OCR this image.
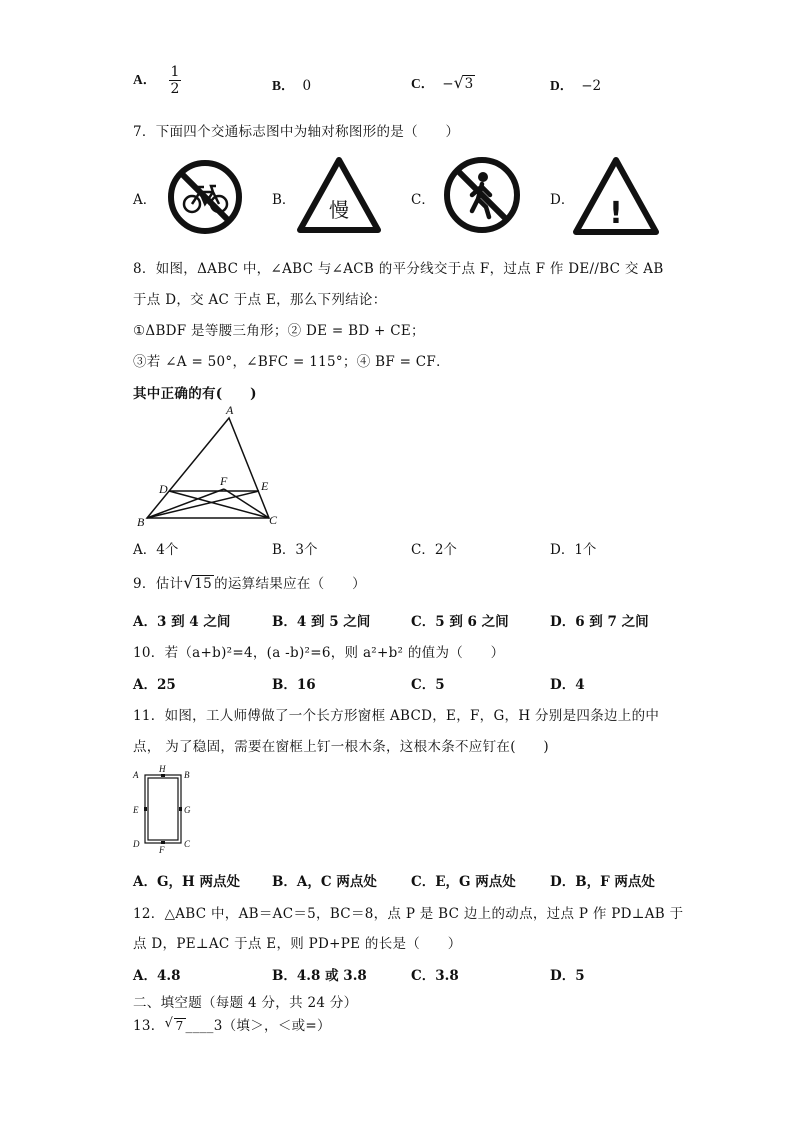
A． $\frac{1}{2}$	B． 0	C． − √ 3	D． −2
7．下面四个交通标志图中为轴对称图形的是（　　）
A．	B．	C．	D．
慢	!
8．如图，ΔABC 中，∠ABC 与∠ACB 的平分线交于点 F，过点 F 作 DE//BC 交 AB
于点 D，交 AC 于点 E，那么下列结论：
①ΔBDF 是等腰三角形；② DE = BD + CE；
③若 ∠A = 50°，∠BFC = 115°；④ BF = CF．
其中正确的有(　　)
A
D
F	E
B	C
A．4个	B．3个	C．2个	D．1个
9．估计 √ 15 的运算结果应在（　　）
A．3 到 4 之间	B．4 到 5 之间	C．5 到 6 之间	D．6 到 7 之间
10．若（a+b)²=4，(a -b)²=6，则 a²+b² 的值为（　　）
A．25	B．16	C．5	D．4
11．如图，工人师傅做了一个长方形窗框 ABCD，E，F，G，H 分别是四条边上的中
点， 为了稳固，需要在窗框上钉一根木条，这根木条不应钉在(　　)
A
H
B
E	G
D
F
C
A．G，H 两点处 B．A，C 两点处	C．E，G 两点处	D．B，F 两点处
12．△ABC 中，AB＝AC＝5，BC＝8，点 P 是 BC 边上的动点，过点 P 作 PD⊥AB 于
点 D，PE⊥AC 于点 E，则 PD+PE 的长是（　　）
A．4.8	B．4.8 或 3.8	C．3.8	D．5
二、填空题（每题 4 分，共 24 分）
13． √ 7 ____3（填＞，＜或=）
